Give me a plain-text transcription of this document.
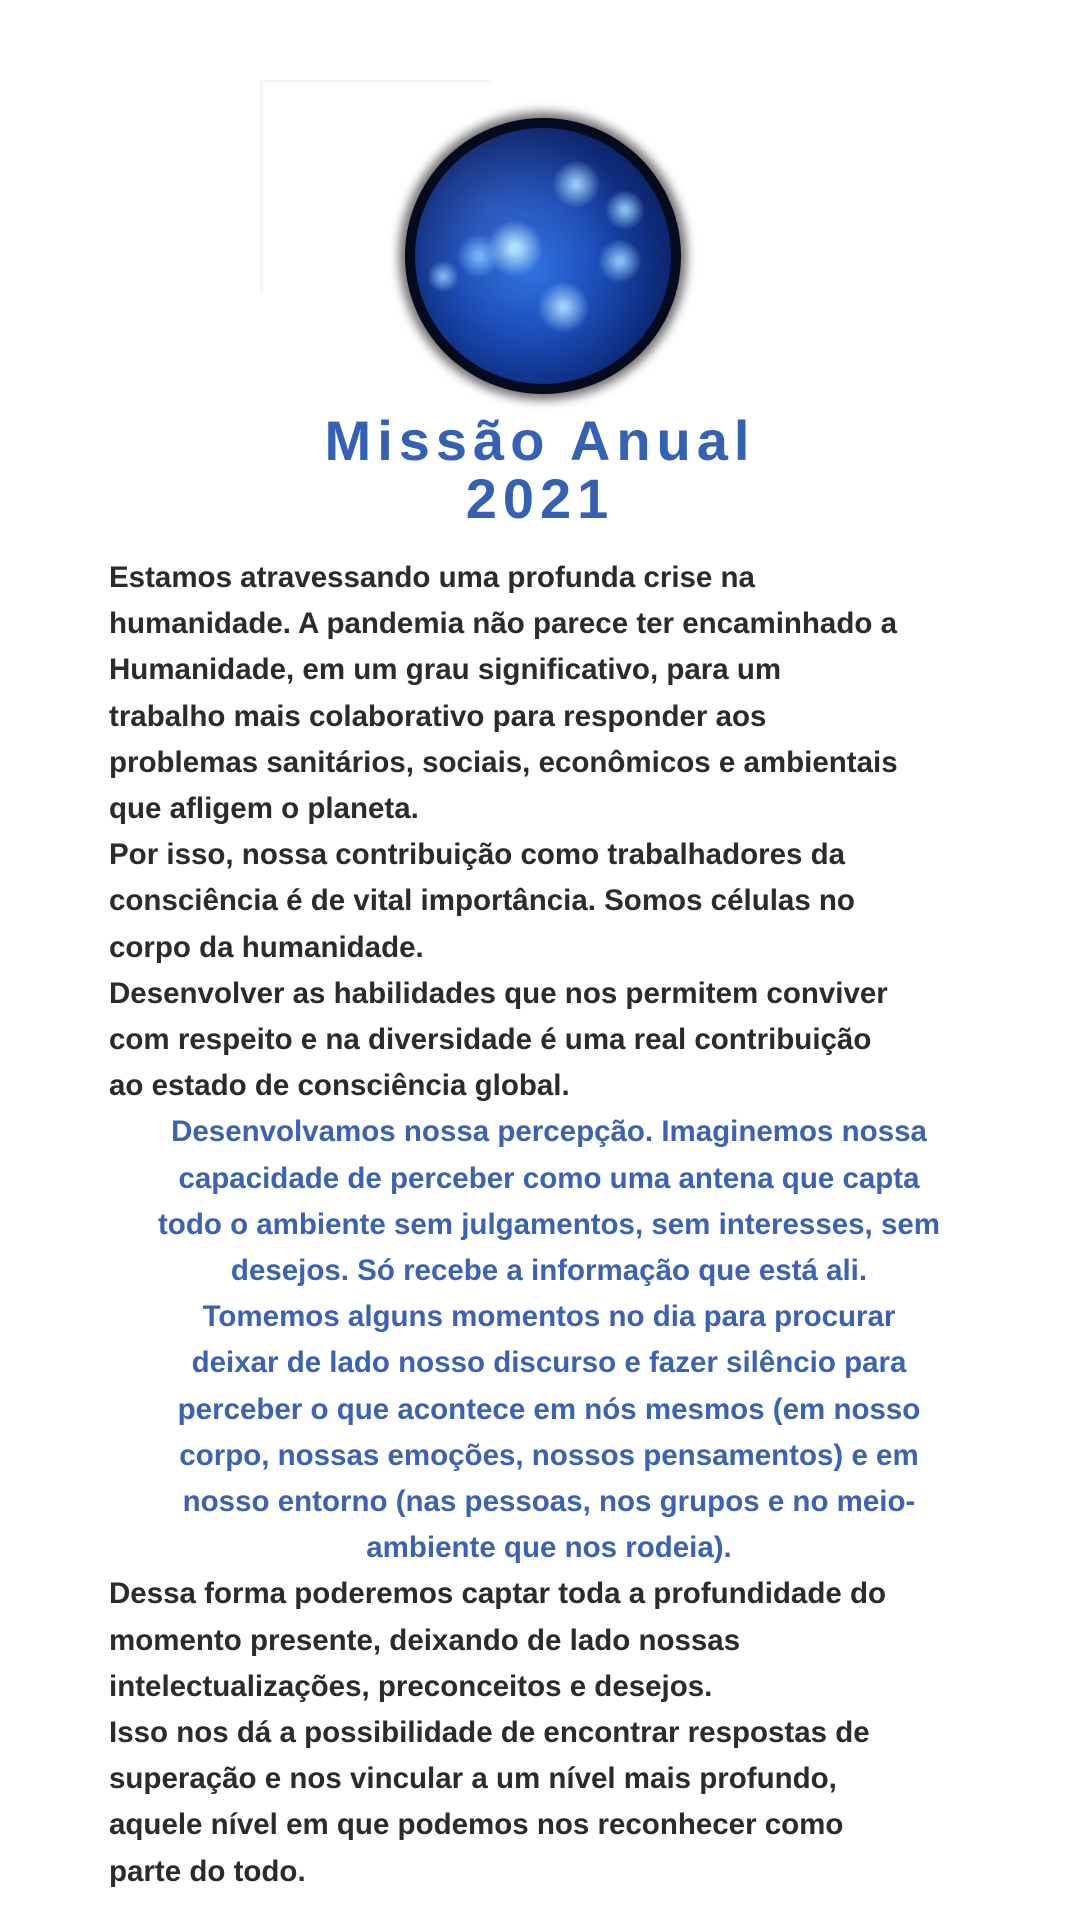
Missão Anual
2021

Estamos atravessando uma profunda crise na
humanidade. A pandemia não parece ter encaminhado a
Humanidade, em um grau significativo, para um
trabalho mais colaborativo para responder aos
problemas sanitários, sociais, econômicos e ambientais
que afligem o planeta.

Por isso, nossa contribuição como trabalhadores da
consciência é de vital importância. Somos células no
corpo da humanidade.

Desenvolver as habilidades que nos permitem conviver
com respeito e na diversidade é uma real contribuição
ao estado de consciência global.

Desenvolvamos nossa percepção. Imaginemos nossa
capacidade de perceber como uma antena que capta
todo o ambiente sem julgamentos, sem interesses, sem
desejos. Só recebe a informação que está ali.
Tomemos alguns momentos no dia para procurar
deixar de lado nosso discurso e fazer silêncio para
perceber o que acontece em nós mesmos (em nosso
corpo, nossas emoções, nossos pensamentos) e em
nosso entorno (nas pessoas, nos grupos e no meio-
ambiente que nos rodeia).

Dessa forma poderemos captar toda a profundidade do
momento presente, deixando de lado nossas
intelectualizações, preconceitos e desejos.

Isso nos dá a possibilidade de encontrar respostas de
superação e nos vincular a um nível mais profundo,
aquele nível em que podemos nos reconhecer como
parte do todo.
